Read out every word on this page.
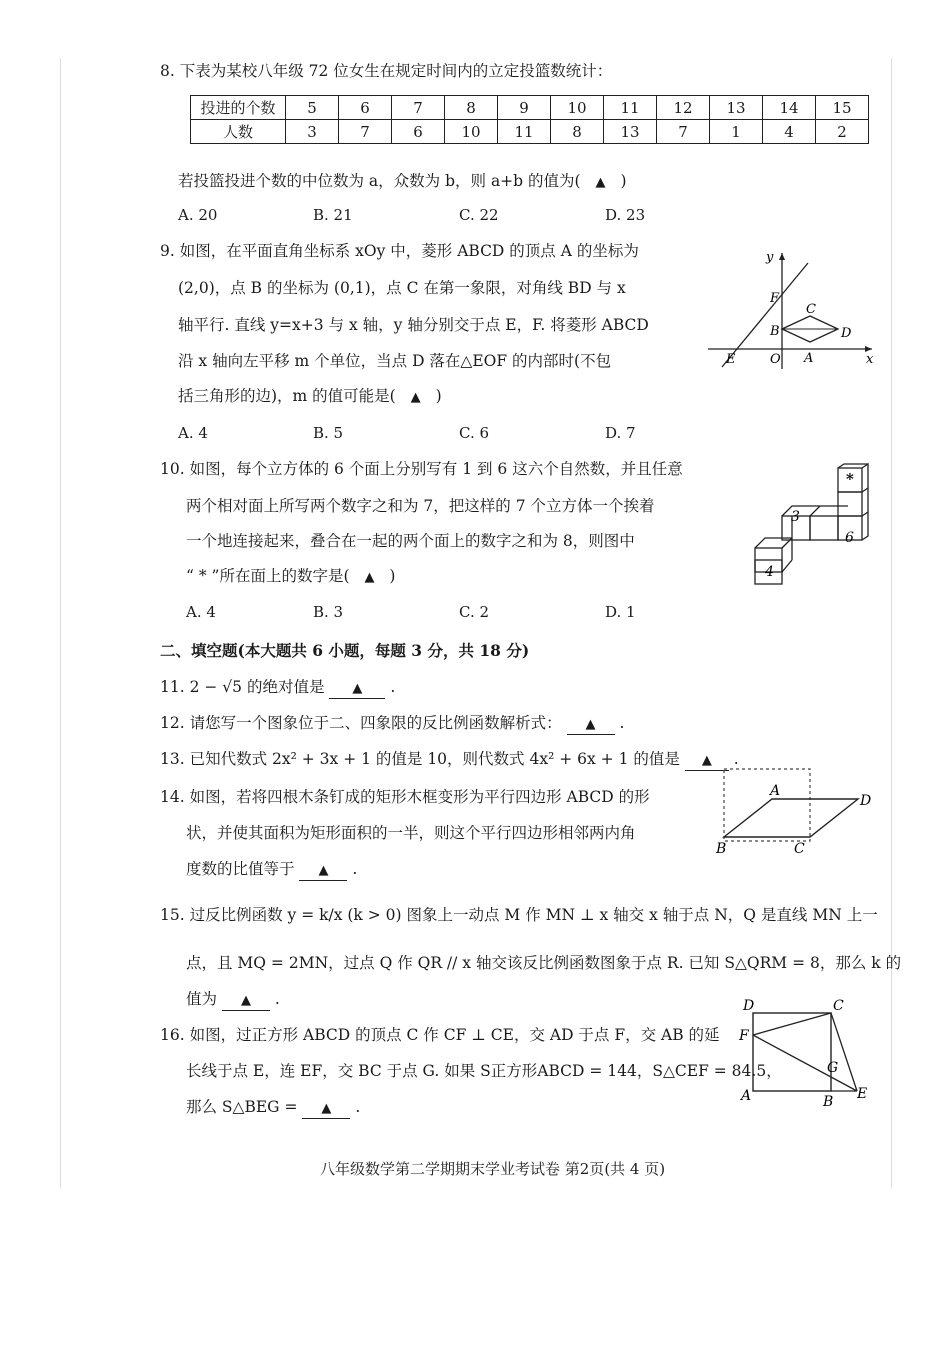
8. 下表为某校八年级 72 位女生在规定时间内的立定投篮数统计：
投进的个数	5	6	7	8	9	10	11	12	13	14	15
人数	3	7	6	10	11	8	13	7	1	4	2
若投篮投进个数的中位数为 a，众数为 b，则 a+b 的值为( ▲ )
A. 20	B. 21	C. 22	D. 23
9. 如图，在平面直角坐标系 xOy 中，菱形 ABCD 的顶点 A 的坐标为
(2,0)，点 B 的坐标为 (0,1)，点 C 在第一象限，对角线 BD 与 x
轴平行. 直线 y=x+3 与 x 轴，y 轴分别交于点 E，F. 将菱形 ABCD
沿 x 轴向左平移 m 个单位，当点 D 落在△EOF 的内部时(不包
括三角形的边)，m 的值可能是( ▲ )
A. 4	B. 5	C. 6	D. 7
y
x
E	O A
B
C
D
F
10. 如图，每个立方体的 6 个面上分别写有 1 到 6 这六个自然数，并且任意
两个相对面上所写两个数字之和为 7，把这样的 7 个立方体一个挨着
一个地连接起来，叠合在一起的两个面上的数字之和为 8，则图中
“ * ”所在面上的数字是( ▲ )
A. 4	B. 3	C. 2	D. 1
3
6
4
*
二、填空题(本大题共 6 小题，每题 3 分，共 18 分)
11. 2 − √5 的绝对值是 ▲ .
12. 请您写一个图象位于二、四象限的反比例函数解析式： ▲ .
13. 已知代数式 2x² + 3x + 1 的值是 10，则代数式 4x² + 6x + 1 的值是 ▲ .
14. 如图，若将四根木条钉成的矩形木框变形为平行四边形 ABCD 的形
状，并使其面积为矩形面积的一半，则这个平行四边形相邻两内角
度数的比值等于 ▲ .
A
B	C
D
15. 过反比例函数 y = k/x (k > 0) 图象上一动点 M 作 MN ⊥ x 轴交 x 轴于点 N，Q 是直线 MN 上一
点，且 MQ = 2MN，过点 Q 作 QR // x 轴交该反比例函数图象于点 R. 已知 S△QRM = 8，那么 k 的
值为 ▲ .
16. 如图，过正方形 ABCD 的顶点 C 作 CF ⊥ CE，交 AD 于点 F，交 AB 的延
长线于点 E，连 EF，交 BC 于点 G. 如果 S正方形ABCD = 144，S△CEF = 84.5，
那么 S△BEG = ▲ .
D	C
F
G
A	B E
八年级数学第二学期期末学业考试卷 第2页(共 4 页)
